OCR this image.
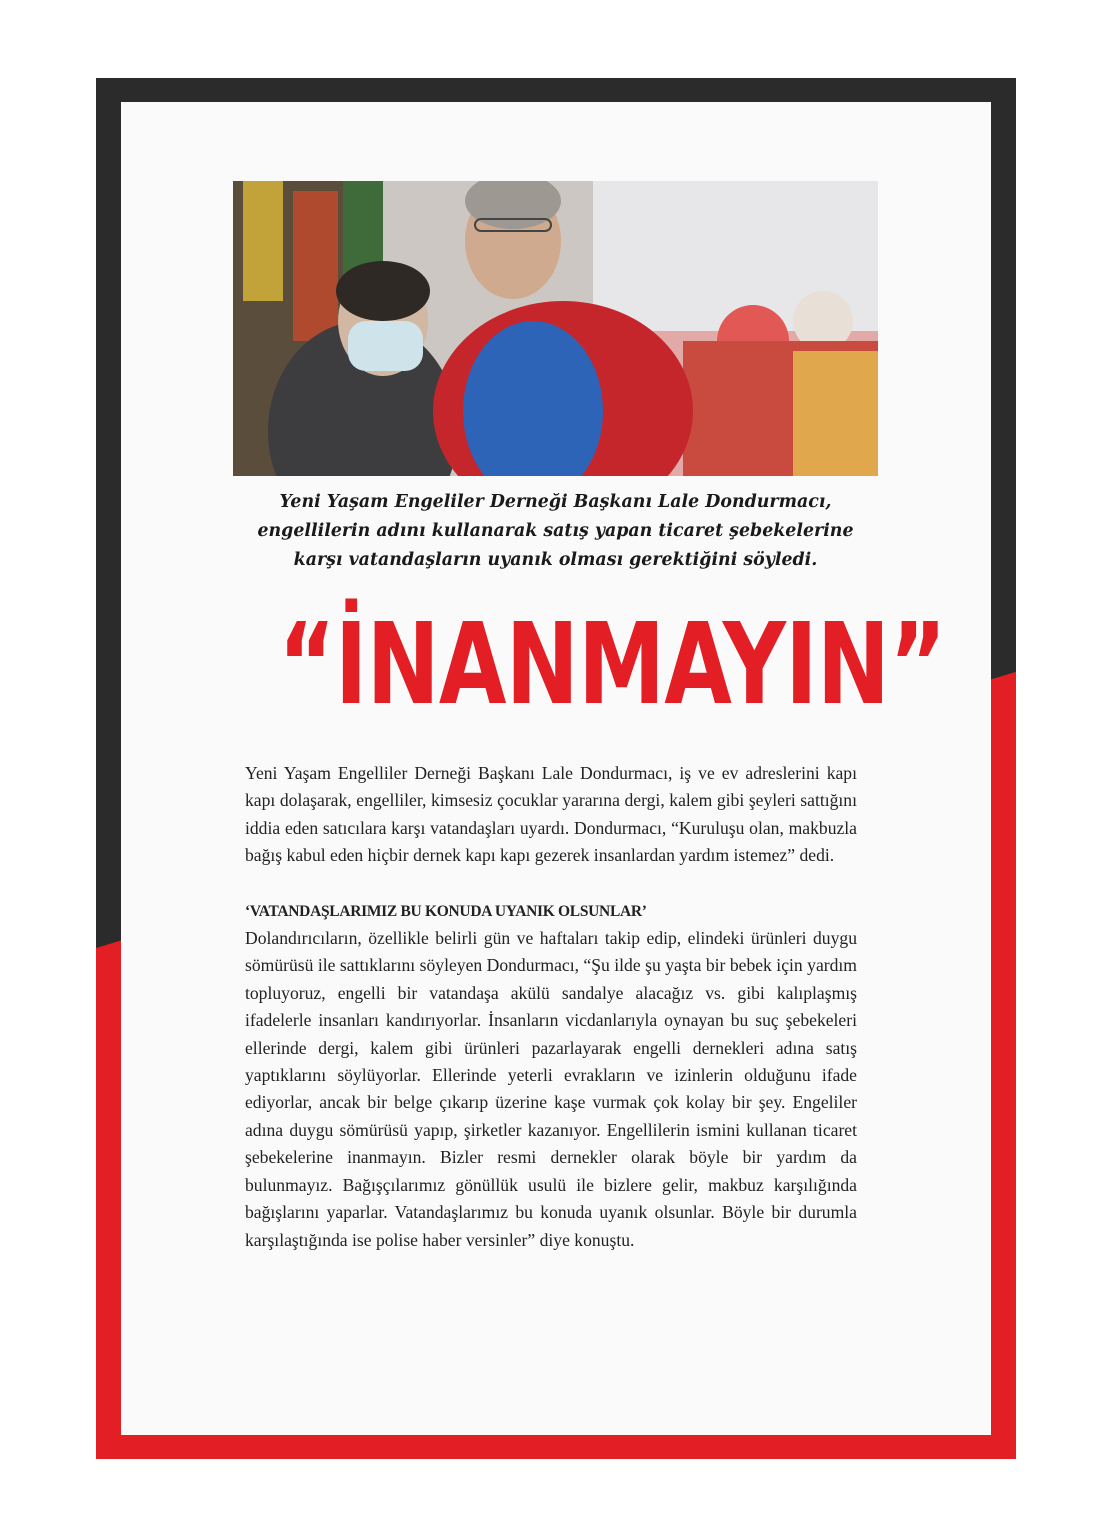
Yeni Yaşam Engeliler Derneği Başkanı Lale Dondurmacı,
engellilerin adını kullanarak satış yapan ticaret şebekelerine
karşı vatandaşların uyanık olması gerektiğini söyledi.

“İNANMAYIN”

Yeni Yaşam Engelliler Derneği Başkanı Lale Dondurmacı, iş ve ev adreslerini kapı kapı dolaşarak, engelliler, kimsesiz çocuklar yararına dergi, kalem gibi şeyleri sattığını iddia eden satıcılara karşı vatandaşları uyardı. Dondurmacı, “Kuruluşu olan, makbuzla bağış kabul eden hiçbir dernek kapı kapı gezerek insanlardan yardım istemez” dedi.

‘VATANDAŞLARIMIZ BU KONUDA UYANIK OLSUNLAR’

Dolandırıcıların, özellikle belirli gün ve haftaları takip edip, elindeki ürünleri duygu sömürüsü ile sattıklarını söyleyen Dondurmacı, “Şu ilde şu yaşta bir bebek için yardım topluyoruz, engelli bir vatandaşa akülü sandalye alacağız vs. gibi kalıplaşmış ifadelerle insanları kandırıyorlar. İnsanların vicdanlarıyla oynayan bu suç şebekeleri ellerinde dergi, kalem gibi ürünleri pazarlayarak engelli dernekleri adına satış yaptıklarını söylüyorlar. Ellerinde yeterli evrakların ve izinlerin olduğunu ifade ediyorlar, ancak bir belge çıkarıp üzerine kaşe vurmak çok kolay bir şey. Engeliler adına duygu sömürüsü yapıp, şirketler kazanıyor. Engellilerin ismini kullanan ticaret şebekelerine inanmayın. Bizler resmi dernekler olarak böyle bir yardım da bulunmayız. Bağışçılarımız gönüllük usulü ile bizlere gelir, makbuz karşılığında bağışlarını yaparlar. Vatandaşlarımız bu konuda uyanık olsunlar. Böyle bir durumla karşılaştığında ise polise haber versinler” diye konuştu.
